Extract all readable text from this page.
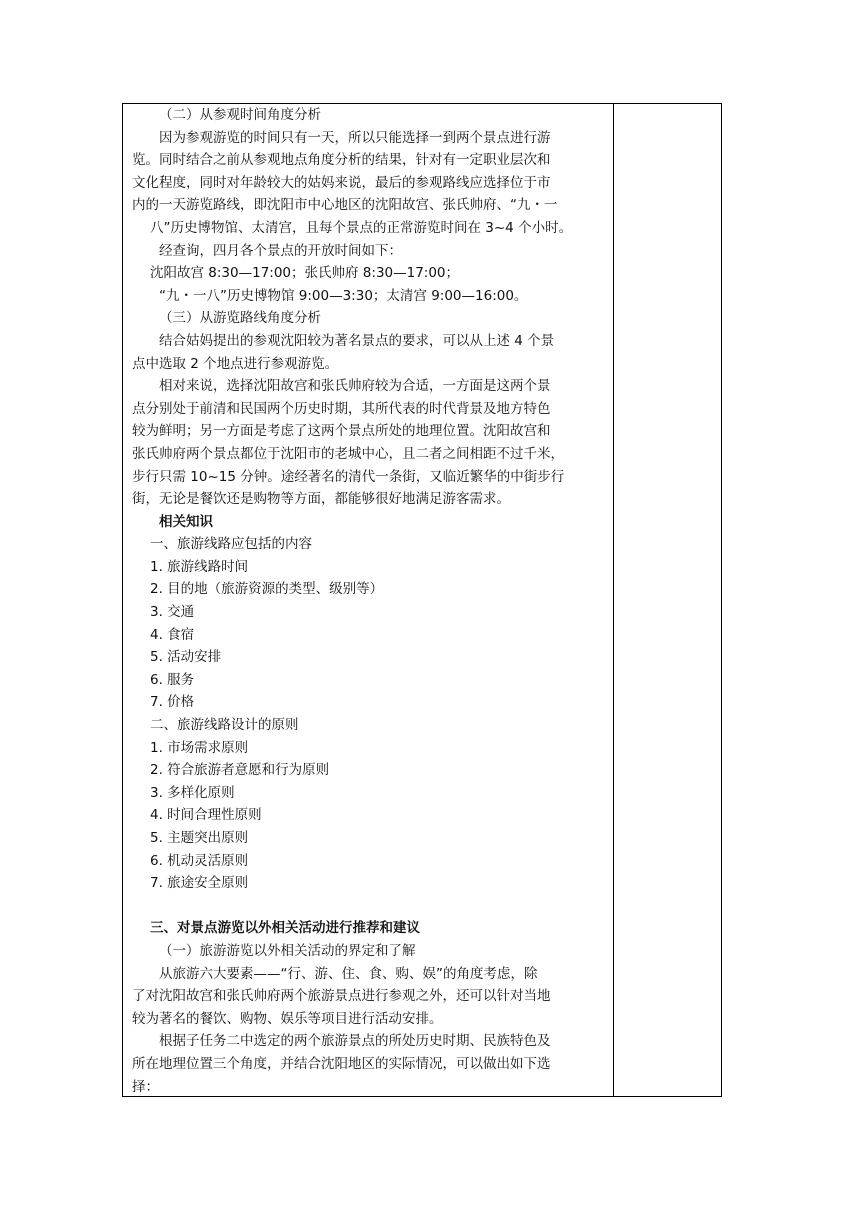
（二）从参观时间角度分析
因为参观游览的时间只有一天，所以只能选择一到两个景点进行游
览。同时结合之前从参观地点角度分析的结果，针对有一定职业层次和
文化程度，同时对年龄较大的姑妈来说，最后的参观路线应选择位于市
内的一天游览路线，即沈阳市中心地区的沈阳故宫、张氏帅府、“九・一
八”历史博物馆、太清宫，且每个景点的正常游览时间在 3~4 个小时。
经查询，四月各个景点的开放时间如下：
沈阳故宫 8:30—17:00；张氏帅府 8:30—17:00；
“九・一八”历史博物馆 9:00—3:30；太清宫 9:00—16:00。
（三）从游览路线角度分析
结合姑妈提出的参观沈阳较为著名景点的要求，可以从上述 4 个景
点中选取 2 个地点进行参观游览。
相对来说，选择沈阳故宫和张氏帅府较为合适，一方面是这两个景
点分别处于前清和民国两个历史时期，其所代表的时代背景及地方特色
较为鲜明；另一方面是考虑了这两个景点所处的地理位置。沈阳故宫和
张氏帅府两个景点都位于沈阳市的老城中心，且二者之间相距不过千米，
步行只需 10~15 分钟。途经著名的清代一条街，又临近繁华的中街步行
街，无论是餐饮还是购物等方面，都能够很好地满足游客需求。
相关知识
一、旅游线路应包括的内容
1. 旅游线路时间
2. 目的地（旅游资源的类型、级别等）
3. 交通
4. 食宿
5. 活动安排
6. 服务
7. 价格
二、旅游线路设计的原则
1. 市场需求原则
2. 符合旅游者意愿和行为原则
3. 多样化原则
4. 时间合理性原则
5. 主题突出原则
6. 机动灵活原则
7. 旅途安全原则
三、对景点游览以外相关活动进行推荐和建议
（一）旅游游览以外相关活动的界定和了解
从旅游六大要素——“行、游、住、食、购、娱”的角度考虑，除
了对沈阳故宫和张氏帅府两个旅游景点进行参观之外，还可以针对当地
较为著名的餐饮、购物、娱乐等项目进行活动安排。
根据子任务二中选定的两个旅游景点的所处历史时期、民族特色及
所在地理位置三个角度，并结合沈阳地区的实际情况，可以做出如下选
择：
